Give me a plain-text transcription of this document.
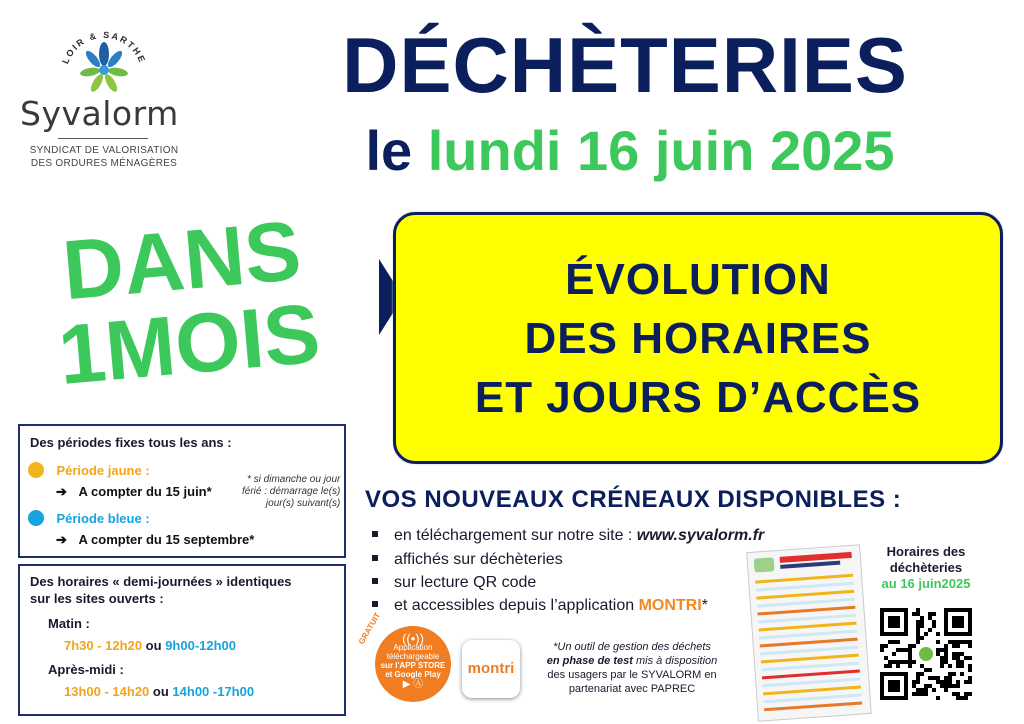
LOIR & SARTHE
Syvalorm
SYNDICAT DE VALORISATION
DES ORDURES MÉNAGÈRES
DÉCHÈTERIES
le lundi 16 juin 2025
DANS
1MOIS
ÉVOLUTION
DES HORAIRES
ET JOURS D’ACCÈS
Des périodes fixes tous les ans :
Période jaune :
➔ A compter du 15 juin*
Période bleue :
➔ A compter du 15 septembre*
* si dimanche ou jour
férié : démarrage le(s)
jour(s) suivant(s)
Des horaires « demi-journées » identiques
sur les sites ouverts :
Matin :
7h30 - 12h20 ou 9h00-12h00
Après-midi :
13h00 - 14h20 ou 14h00 -17h00
VOS NOUVEAUX CRÉNEAUX DISPONIBLES :
en téléchargement sur notre site : www.syvalorm.fr
affichés sur déchèteries
sur lecture QR code
et accessibles depuis l’application MONTRI*
GRATUIT	((•))
Application
téléchargeable
sur l'APP STORE
et Google Play
▶ Ⓐ
montri
*Un outil de gestion des déchets
en phase de test mis à disposition
des usagers par le SYVALORM en
partenariat avec PAPREC
Horaires des
déchèteries
au 16 juin2025
